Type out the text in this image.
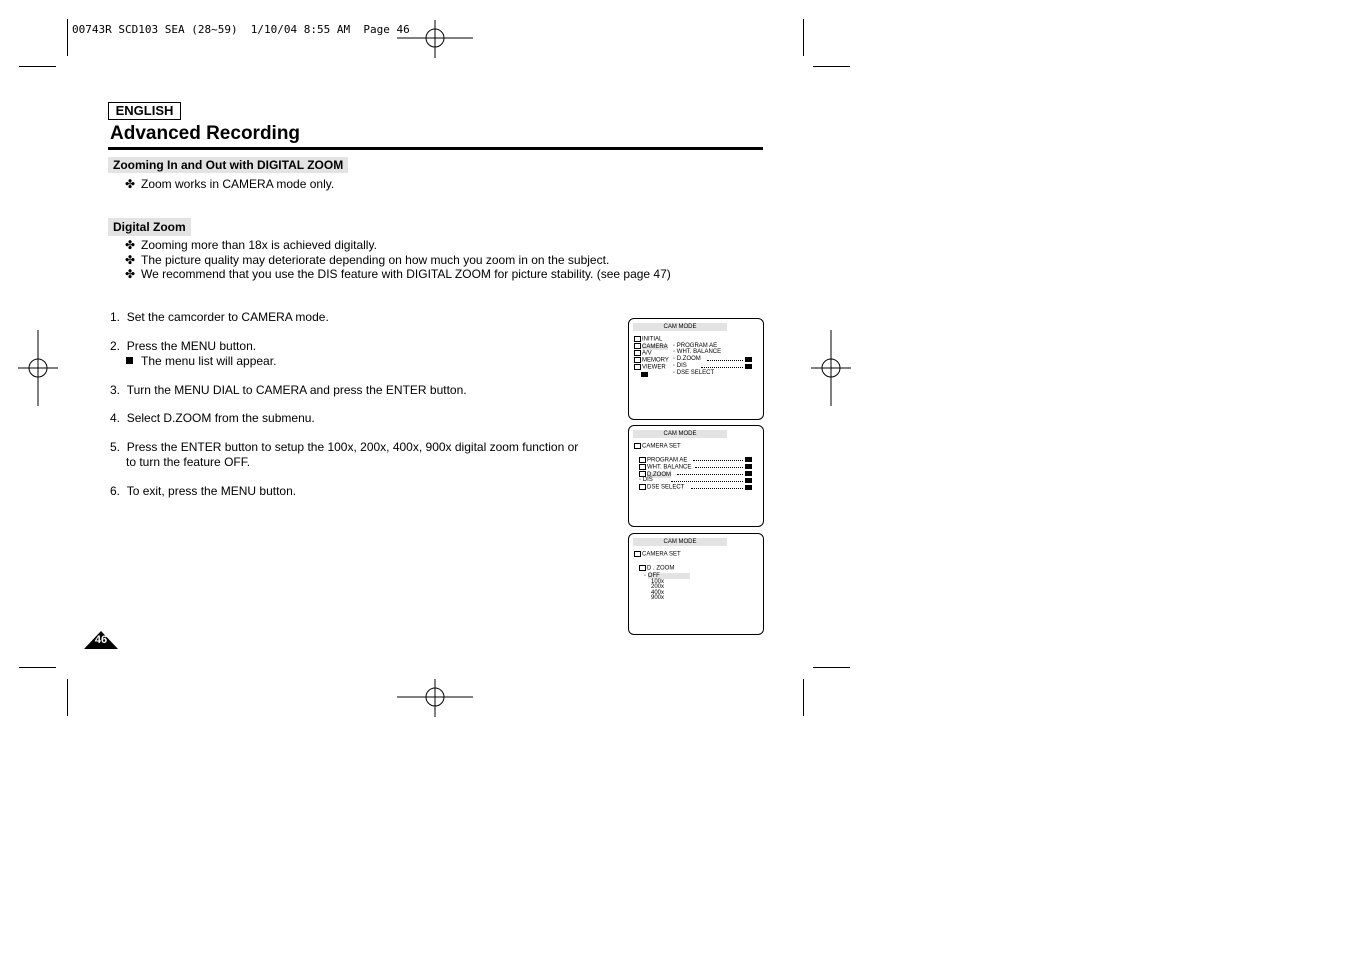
00743R SCD103 SEA (28~59)  1/10/04 8:55 AM  Page 46
ENGLISH
Advanced Recording
Zooming In and Out with DIGITAL ZOOM
✤ Zoom works in CAMERA mode only.
Digital Zoom
✤ Zooming more than 18x is achieved digitally.
✤ The picture quality may deteriorate depending on how much you zoom in on the subject.
✤ We recommend that you use the DIS feature with DIGITAL ZOOM for picture stability. (see page 47)
1. Set the camcorder to CAMERA mode.
2. Press the MENU button.
The menu list will appear.
3. Turn the MENU DIAL to CAMERA and press the ENTER button.
4. Select D.ZOOM from the submenu.
5. Press the ENTER button to setup the 100x, 200x, 400x, 900x digital zoom function or
to turn the feature OFF.
6. To exit, press the MENU button.
46
CAM MODE
INITIAL
CAMERA
A/V
MEMORY
VIEWER
◦ PROGRAM AE
◦ WHT. BALANCE
◦ D.ZOOM
◦ DIS
◦ DSE SELECT
CAM MODE
CAMERA SET
PROGRAM AE
WHT. BALANCE
D.ZOOM
◦ DIS
DSE SELECT
CAM MODE
CAMERA SET
D . ZOOM
◦ OFF
100x
200x
400x
900x
